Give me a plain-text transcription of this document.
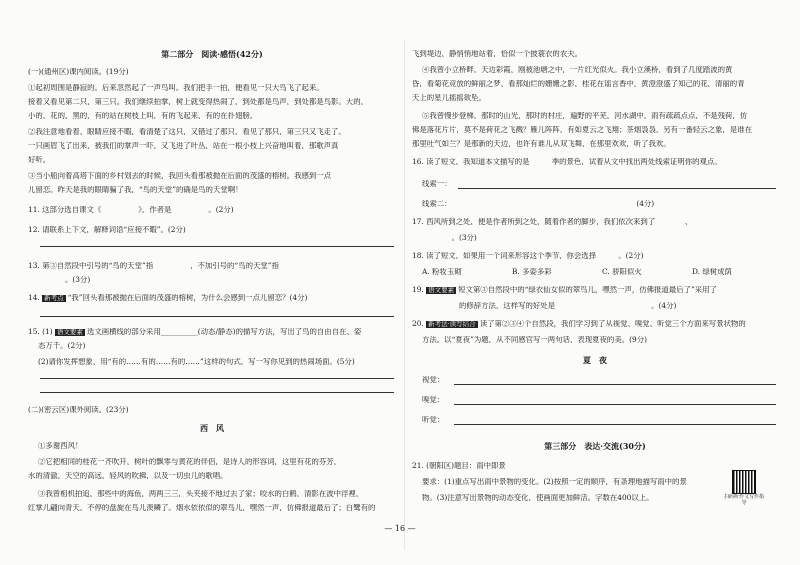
第二部分　阅读·感悟(42分)
(一)(通州区)课内阅读。(19分)
①起初周围是静寂的。后来忽然起了一声鸟叫。我们把手一拍，便看见一只大鸟飞了起来。
接着又看见第二只，第三只。我们继续拍掌，树上就变得热闹了，到处都是鸟声，到处都是鸟影。大的，
小的，花的，黑的，有的站在树枝上叫，有的飞起来，有的在扑翅膀。
②我注意地看着，眼睛应接不暇，看清楚了这只，又错过了那只，看见了那只，第三只又飞走了。
一只画眉飞了出来，被我们的掌声一吓，又飞进了叶丛，站在一根小枝上兴奋地叫着，那歌声真
好听。
③当小船向着高塔下面的乡村划去的时候，我回头看那被抛在后面的茂盛的榕树。我感到一点
儿留恋。昨天是我的眼睛骗了我，“鸟的天堂”的确是鸟的天堂啊！
11. 这部分选自课文《__________》，作者是__________。(2分)
12. 请联系上下文，解释词语“应接不暇”。(2分)
13. 第③自然段中引号的“鸟的天堂”指__________，不加引号的“鸟的天堂”指__________
__________。(3分)
14. 新考点 “我”回头看那被抛在后面的茂盛的榕树，为什么会感到一点儿留恋？(4分)
15. (1) 语文要素 选文画横线的部分采用__________(动态/静态)的描写方法，写出了鸟的自由自在、姿
态万千。(2分)
(2)请你发挥想象，用“有的……有的……有的……”这样的句式，写一写你见到的热闹场面。(5分)
(二)(密云区)课外阅读。(23分)
西　风
①多谢西风！
②它把相同的桂花一齐吹开，树叶的飘零与黄花的伴侣，是诗人的形容词，这里有花的芬芳，
水的清澈，天空的高远，轻风的吹拂，以及一切虫儿的歌唱。
③我曾相机拍追，那些中的海鱼，两两三三，头夹接不地过去了家；咬水的白鹤，清影在波中浮裡，
红掌儿翩向青天，不停的盘旋在鸟儿羡鳞了。烟水依依似的翠鸟儿，嘿然一声，仿佛报道最后了；白鹭有的
飞到堤边，静悄悄地站着，恰似一个披蓑衣的农夫。
④我曾小立桥畔，天边彩霞，刚被池塘之中，一片红光似火。我小立溪桥，看到了几度踏波的黄
昏，看菊花竞放的鲜丽之梦，看那灿烂的姗姗之影，桂花在谣言香中，黄澄澄盛了知己的花，清丽的青
天上的星儿摇摇欲坠。
⑤我曾慢步登梯，那时的山光，那时的村庄，遍野的平芜，河水湖中，雨有疏疏点点，不是残荷，仿
佛是落花片片，莫不是荷花之飞溅？雁儿阵阵，有如夏云之飞翔；茶烟袅袅，另有一番轻云之象，是谁在
那里吐气如兰？是那新的天边，也许有谁儿从双飞舞，在那里欢欢，听了我欢。
16. 读了短文，我知道本文描写的是______季的景色，试着从文中找出两处线索证明你的观点。
线索一：
线索二：__________________________________________________(4分)
17. 西风所到之处，便是作者所到之处，随着作者的脚步，我们依次来到了________、________
________。(3分)
18. 读了短文，如果用一个词来形容这个季节，你会选择______。(2分)
A. 粉妆玉砌	B. 多姿多彩	C. 骄阳似火	D. 绿树成荫
19. 语文要素 短文第③自然段中的“绿衣仙女似的翠鸟儿，嘿然一声，仿佛报道最后了”采用了
__________的修辞方法，这样写的好处是__________________________。(4分)
20. 新考法·读写结合 读了第②③④个自然段，我们学习到了从视觉、嗅觉、听觉三个方面来写景状物的
方法。以“夏夜”为题，从不同感官写一两句话，表现夏夜的美。(9分)
夏　夜
视觉：
嗅觉：
听觉：
第三部分　表达·交流(30分)
21. (朝阳区)题目：雨中即景
要求：(1)重点写出雨中景物的变化。(2)按照一定的顺序，有条理地描写雨中的景
物。(3)注意写出景物的动态变化，使画面更加鲜活。字数在400以上。	扫码听作文写作指导
— 16 —
